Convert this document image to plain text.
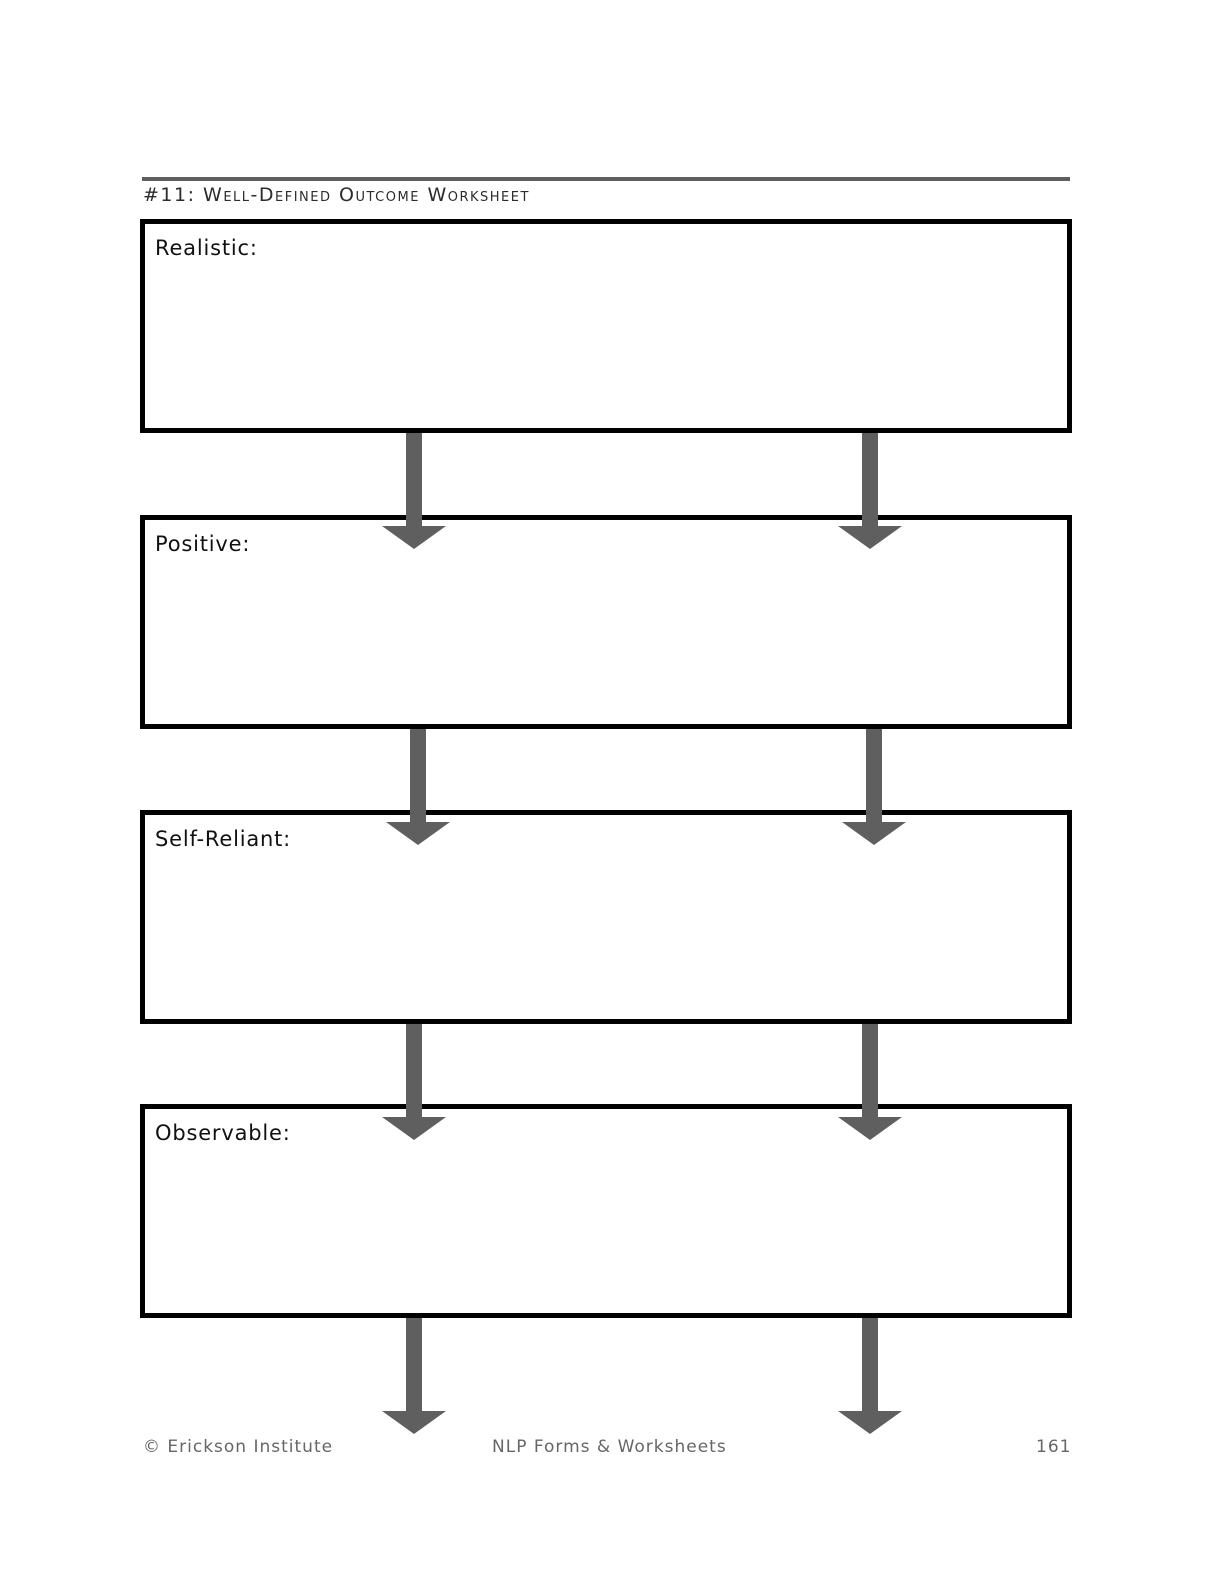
#11: Well-Defined Outcome Worksheet
Realistic:
Positive:
Self-Reliant:
Observable:
© Erickson Institute	NLP Forms & Worksheets	161
